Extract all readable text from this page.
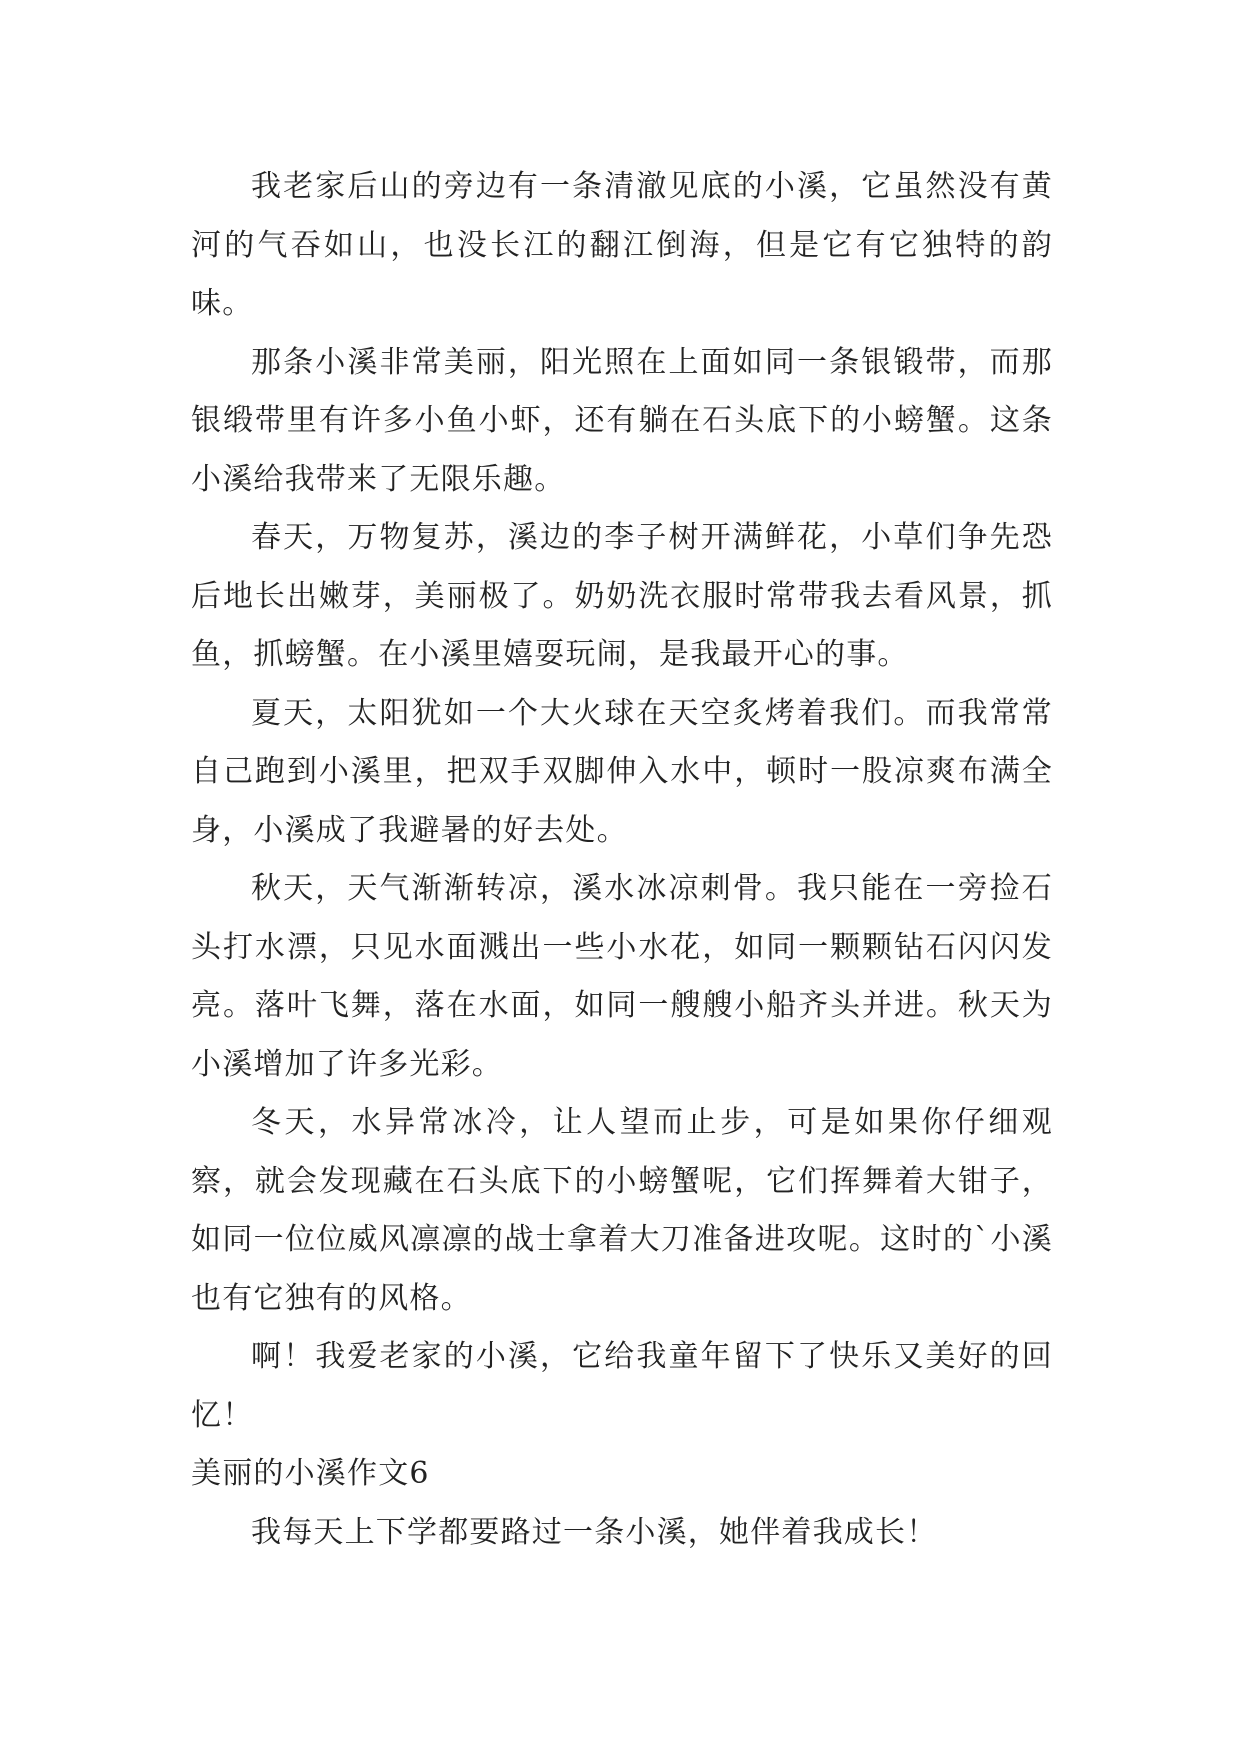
我老家后山的旁边有一条清澈见底的小溪，它虽然没有黄河的气吞如山，也没长江的翻江倒海，但是它有它独特的韵味。

那条小溪非常美丽，阳光照在上面如同一条银锻带，而那银缎带里有许多小鱼小虾，还有躺在石头底下的小螃蟹。这条小溪给我带来了无限乐趣。

春天，万物复苏，溪边的李子树开满鲜花，小草们争先恐后地长出嫩芽，美丽极了。奶奶洗衣服时常带我去看风景，抓鱼，抓螃蟹。在小溪里嬉耍玩闹，是我最开心的事。

夏天，太阳犹如一个大火球在天空炙烤着我们。而我常常自己跑到小溪里，把双手双脚伸入水中，顿时一股凉爽布满全身，小溪成了我避暑的好去处。

秋天，天气渐渐转凉，溪水冰凉刺骨。我只能在一旁捡石头打水漂，只见水面溅出一些小水花，如同一颗颗钻石闪闪发亮。落叶飞舞，落在水面，如同一艘艘小船齐头并进。秋天为小溪增加了许多光彩。

冬天，水异常冰冷，让人望而止步，可是如果你仔细观察，就会发现藏在石头底下的小螃蟹呢，它们挥舞着大钳子，如同一位位威风凛凛的战士拿着大刀准备进攻呢。这时的`小溪也有它独有的风格。

啊！我爱老家的小溪，它给我童年留下了快乐又美好的回忆！

美丽的小溪作文6

我每天上下学都要路过一条小溪，她伴着我成长！
